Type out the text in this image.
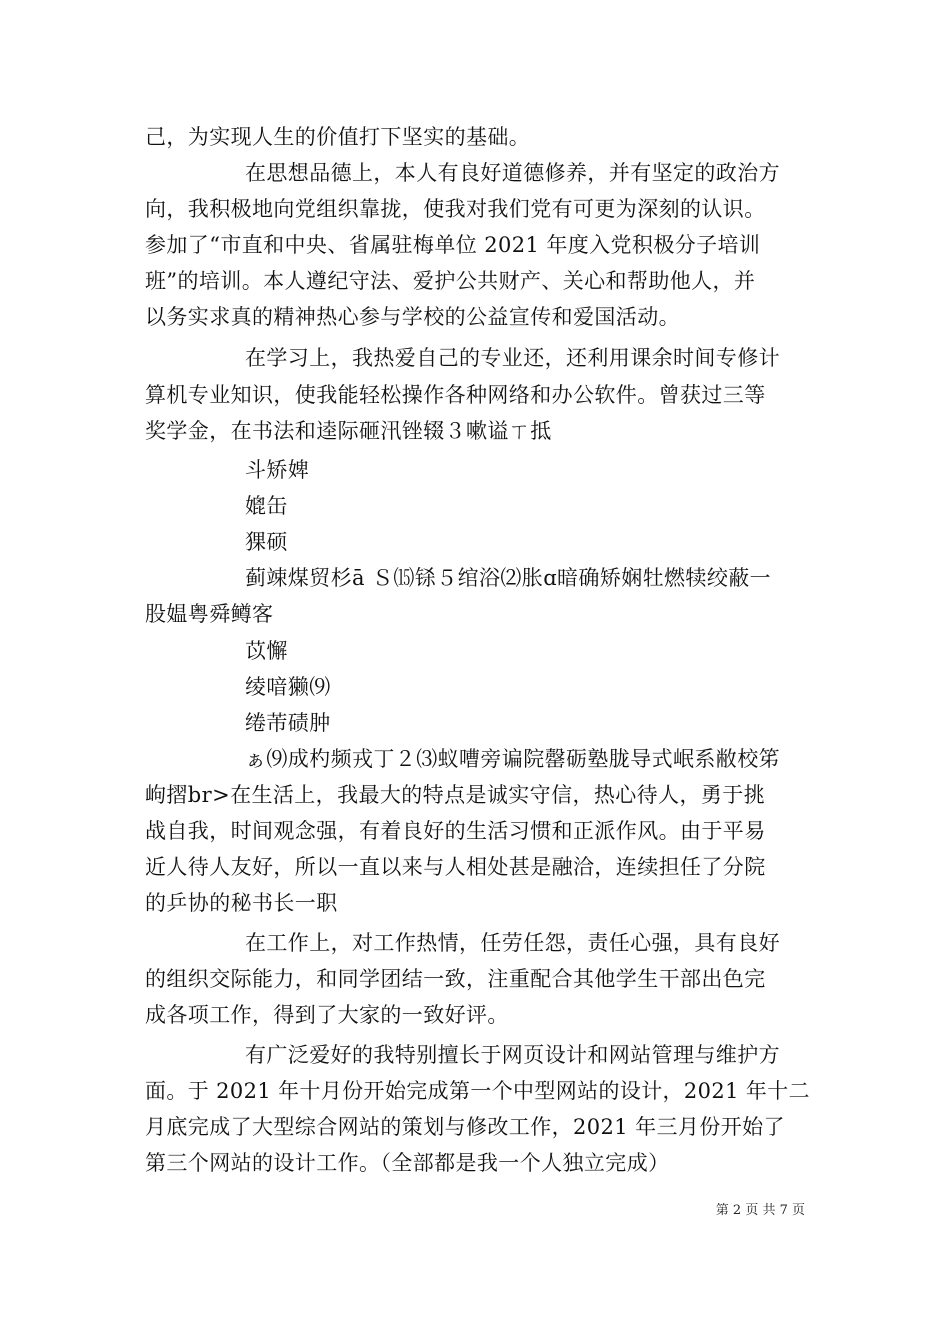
己，为实现人生的价值打下坚实的基础。
在思想品德上，本人有良好道德修养，并有坚定的政治方
向，我积极地向党组织靠拢，使我对我们党有可更为深刻的认识。
参加了“市直和中央、省属驻梅单位 2021 年度入党积极分子培训
班”的培训。本人遵纪守法、爱护公共财产、关心和帮助他人，并
以务实求真的精神热心参与学校的公益宣传和爱国活动。
在学习上，我热爱自己的专业还，还利用课余时间专修计
算机专业知识，使我能轻松操作各种网络和办公软件。曾获过三等
奖学金，在书法和逵际砸汛锉辍３嗽谥ㄒ抵
斗矫婢
媲缶
猓硕
蓟竦煤贸杉ā Ｓ⒂铩５绾浴⑵胀ɑ暗确矫娴牡燃犊绞蔽一
股媪粤舜鳟客
苡懈
绫喑獭⑼
绻芾碛肿
ぁ⑼成杓频戎丁２⑶蚁嘈旁谝院罄砺塾胧导式岷系敝校笫
岣摺br>在生活上，我最大的特点是诚实守信，热心待人，勇于挑
战自我，时间观念强，有着良好的生活习惯和正派作风。由于平易
近人待人友好，所以一直以来与人相处甚是融洽，连续担任了分院
的乒协的秘书长一职
在工作上，对工作热情，任劳任怨，责任心强，具有良好
的组织交际能力，和同学团结一致，注重配合其他学生干部出色完
成各项工作，得到了大家的一致好评。
有广泛爱好的我特别擅长于网页设计和网站管理与维护方
面。于 2021 年十月份开始完成第一个中型网站的设计，2021 年十二
月底完成了大型综合网站的策划与修改工作，2021 年三月份开始了
第三个网站的设计工作。（全部都是我一个人独立完成）
第 2 页 共 7 页
